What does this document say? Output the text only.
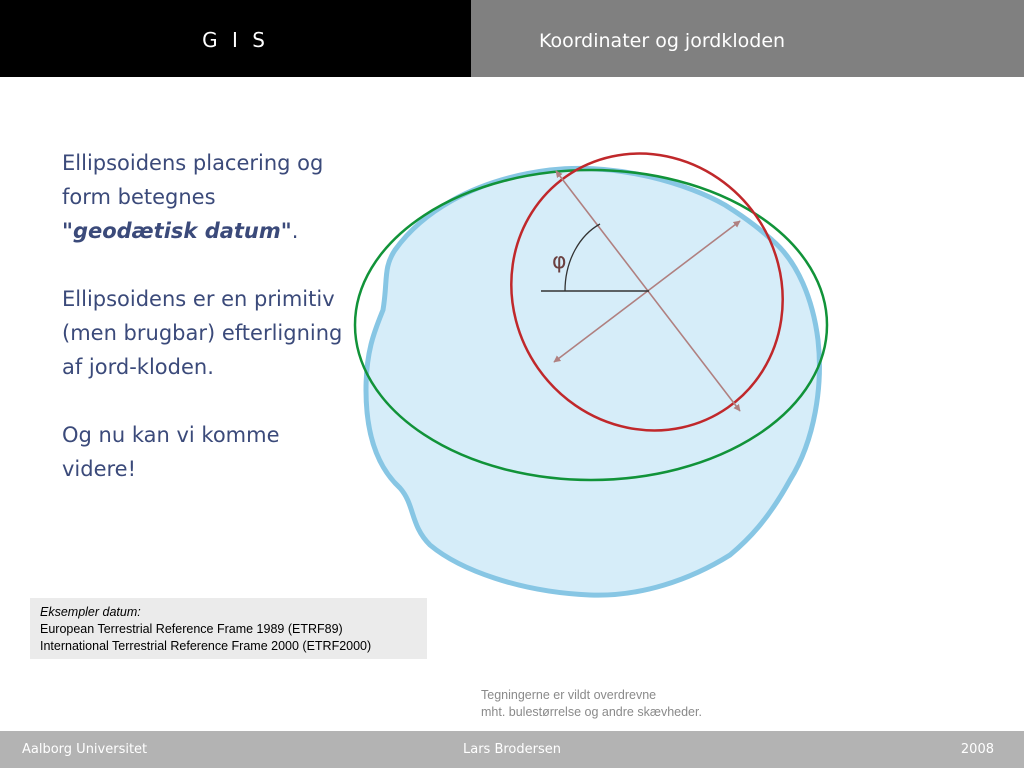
G I S	Koordinater og jordkloden

Ellipsoidens placering og form betegnes "geodætisk datum".

Ellipsoidens er en primitiv (men brugbar) efterligning af jord-kloden.

Og nu kan vi komme videre!

φ
Eksempler datum:
European Terrestrial Reference Frame 1989 (ETRF89)
International Terrestrial Reference Frame 2000 (ETRF2000)
Tegningerne er vildt overdrevne
mht. bulestørrelse og andre skævheder.
Aalborg Universitet	Lars Brodersen	2008
